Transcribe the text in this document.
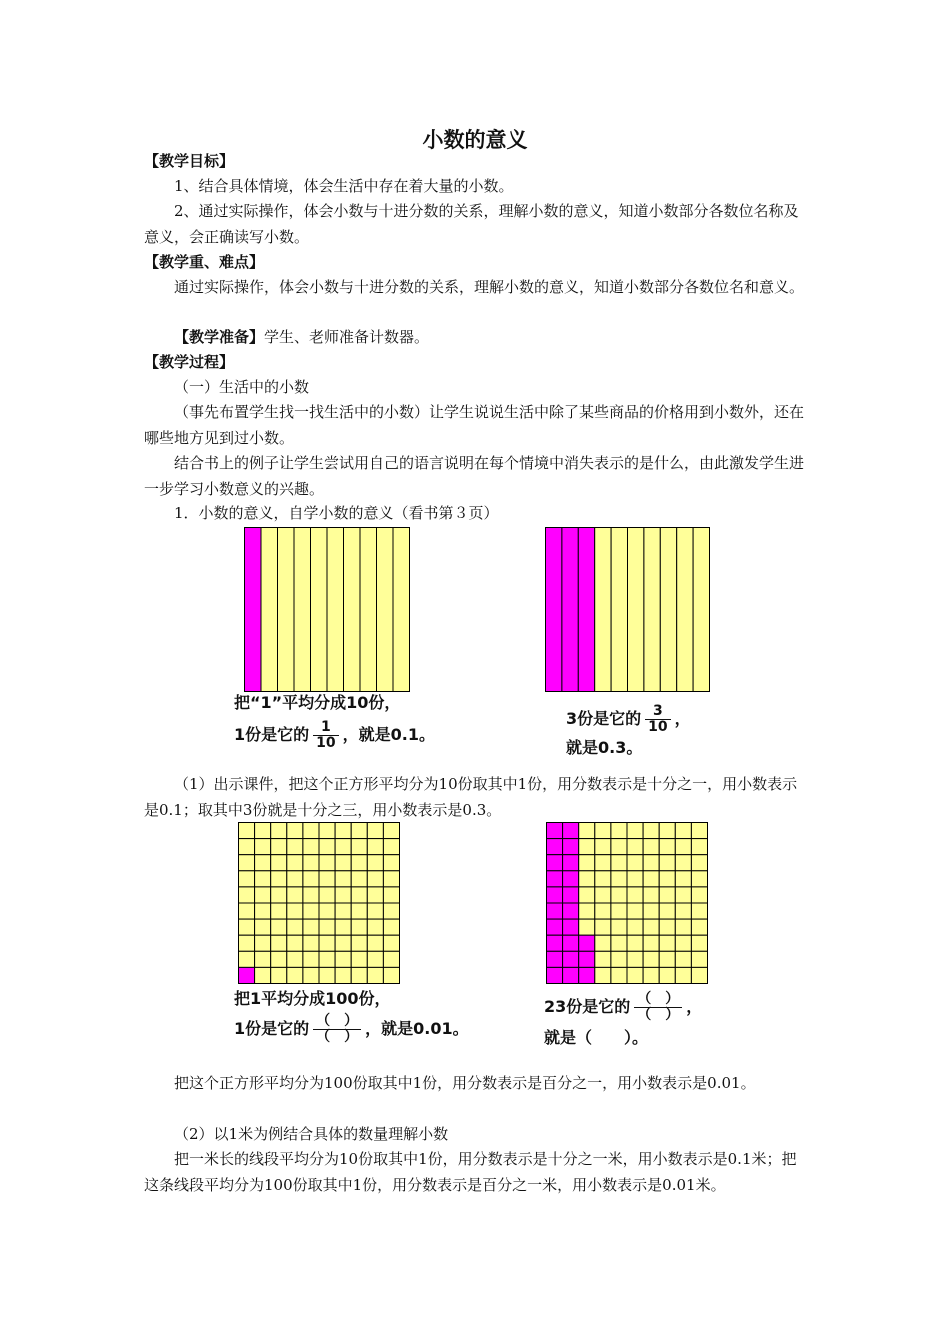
小数的意义
【教学目标】
1、结合具体情境，体会生活中存在着大量的小数。
2、通过实际操作，体会小数与十进分数的关系，理解小数的意义，知道小数部分各数位名称及意义，会正确读写小数。
【教学重、难点】
通过实际操作，体会小数与十进分数的关系，理解小数的意义，知道小数部分各数位名和意义。
【教学准备】学生、老师准备计数器。
【教学过程】
（一）生活中的小数
（事先布置学生找一找生活中的小数）让学生说说生活中除了某些商品的价格用到小数外，还在哪些地方见到过小数。
结合书上的例子让学生尝试用自己的语言说明在每个情境中消失表示的是什么，由此激发学生进一步学习小数意义的兴趣。
1．小数的意义，自学小数的意义（看书第３页）
把“1”平均分成10份，
1份是它的 $\frac{1}{10}$ ，就是0.1。
3份是它的 $\frac{3}{10}$ ，
就是0.3。
（1）出示课件，把这个正方形平均分为10份取其中1份，用分数表示是十分之一，用小数表示是0.1；取其中3份就是十分之三，用小数表示是0.3。
把1平均分成100份，
1份是它的 $\frac{( )}{( )}$ ，就是0.01。
23份是它的 $\frac{( )}{( )}$ ，
就是（　　）。
把这个正方形平均分为100份取其中1份，用分数表示是百分之一，用小数表示是0.01。
（2）以1米为例结合具体的数量理解小数
把一米长的线段平均分为10份取其中1份，用分数表示是十分之一米，用小数表示是0.1米；把这条线段平均分为100份取其中1份，用分数表示是百分之一米，用小数表示是0.01米。
